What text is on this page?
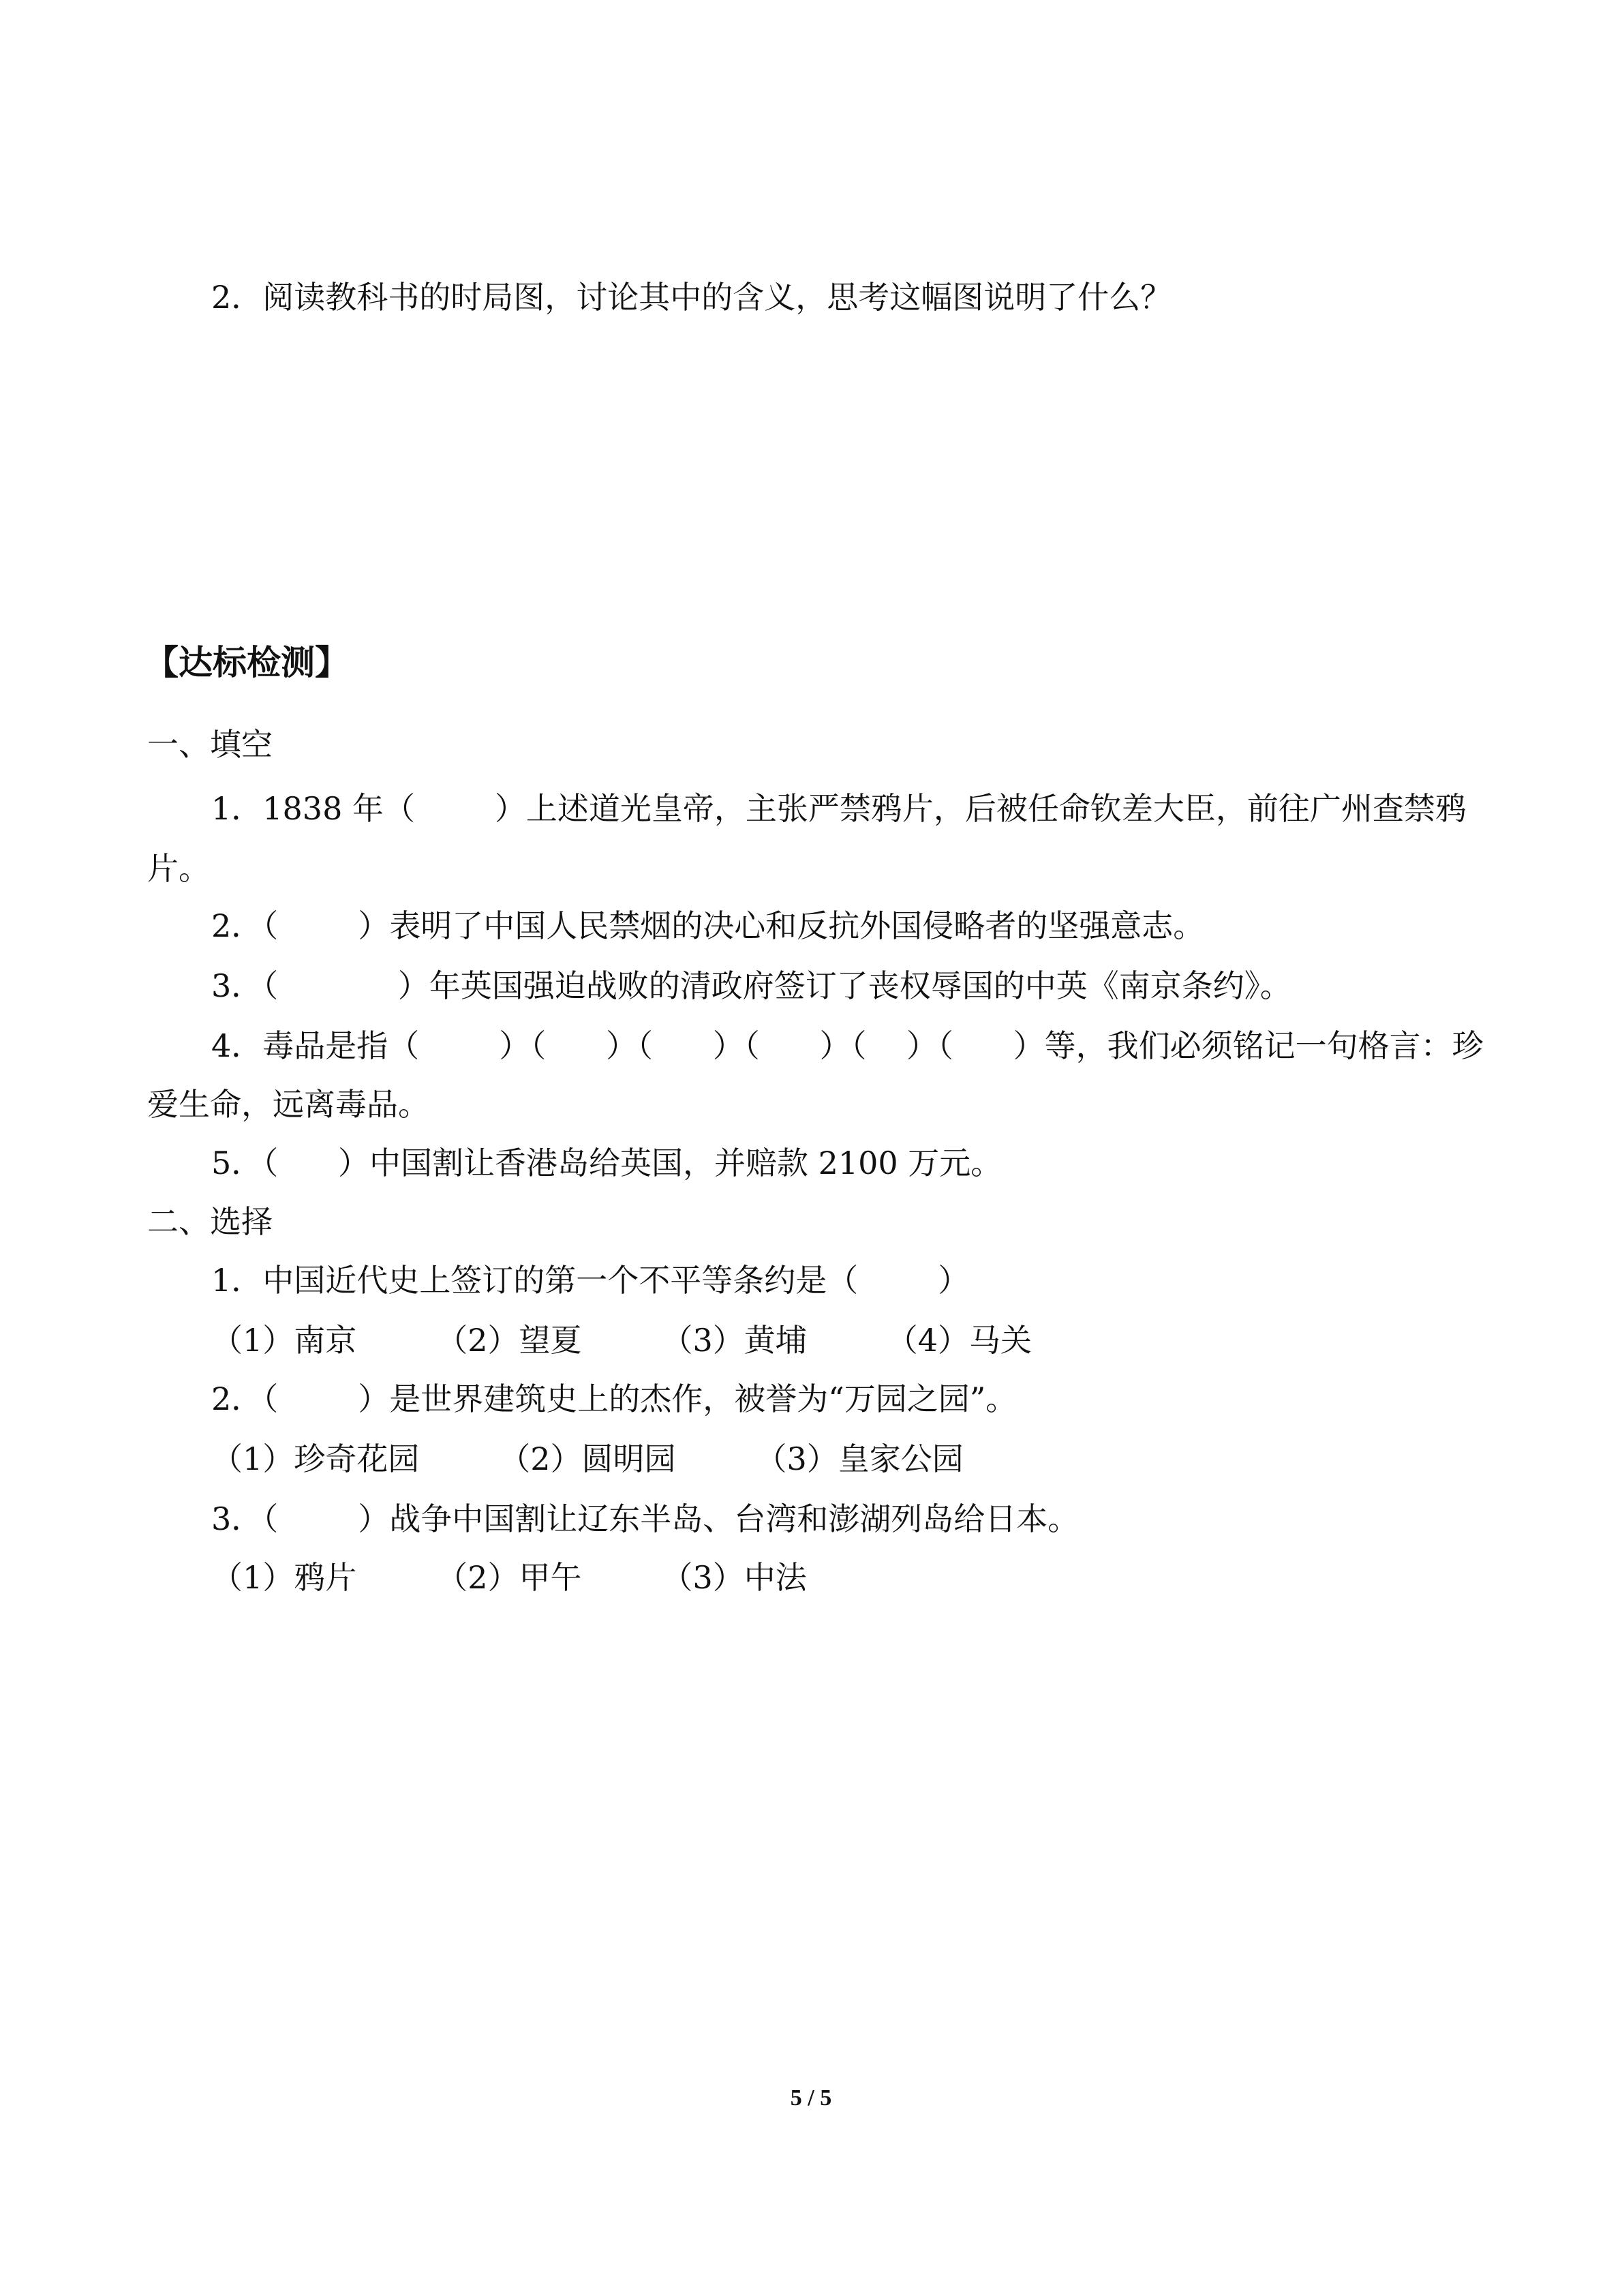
2．阅读教科书的时局图，讨论其中的含义，思考这幅图说明了什么？
【达标检测】
一、填空
1．1838 年（        ）上述道光皇帝，主张严禁鸦片，后被任命钦差大臣，前往广州查禁鸦
片。
2．（        ）表明了中国人民禁烟的决心和反抗外国侵略者的坚强意志。
3．（            ）年英国强迫战败的清政府签订了丧权辱国的中英《南京条约》。
4．毒品是指（        ）（      ）（      ）（      ）（    ）（      ）等，我们必须铭记一句格言：珍
爱生命，远离毒品。
5．（      ）中国割让香港岛给英国，并赔款 2100 万元。
二、选择
1．中国近代史上签订的第一个不平等条约是（        ）
（1）南京        （2）望夏        （3）黄埔        （4）马关
2．（        ）是世界建筑史上的杰作，被誉为“万园之园”。
（1）珍奇花园        （2）圆明园        （3）皇家公园
3．（        ）战争中国割让辽东半岛、台湾和澎湖列岛给日本。
（1）鸦片        （2）甲午        （3）中法
5 / 5
